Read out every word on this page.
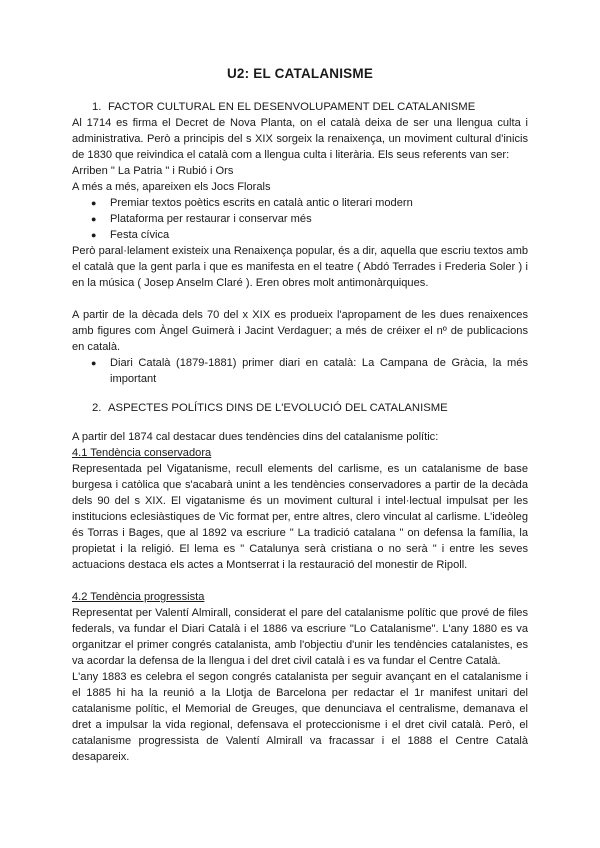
U2: EL CATALANISME
1. FACTOR CULTURAL EN EL DESENVOLUPAMENT DEL CATALANISME

Al 1714 es firma el Decret de Nova Planta, on el català deixa de ser una llengua culta i administrativa. Però a principis del s XIX sorgeix la renaixença, un moviment cultural d'inicis de 1830 que reivindica el català com a llengua culta i literària. Els seus referents van ser:

Arriben " La Patria " i Rubió i Ors

A més a més, apareixen els Jocs Florals

● Premiar textos poètics escrits en català antic o literari modern
● Plataforma per restaurar i conservar més
● Festa cívica

Però paral·lelament existeix una Renaixença popular, és a dir, aquella que escriu textos amb el català que la gent parla i que es manifesta en el teatre ( Abdó Terrades i Frederia Soler ) i en la música ( Josep Anselm Claré ). Eren obres molt antimonàrquiques.

A partir de la dècada dels 70 del x XIX es produeix l'apropament de les dues renaixences amb figures com Àngel Guimerà i Jacint Verdaguer; a més de créixer el nº de publicacions en català.

● Diari Català (1879-1881) primer diari en català: La Campana de Gràcia, la més important
2. ASPECTES POLÍTICS DINS DE L'EVOLUCIÓ DEL CATALANISME

A partir del 1874 cal destacar dues tendències dins del catalanisme polític:

4.1 Tendència conservadora

Representada pel Vigatanisme, recull elements del carlisme, es un catalanisme de base burgesa i catòlica que s'acabarà unint a les tendències conservadores a partir de la decàda dels 90 del s XIX. El vigatanisme és un moviment cultural i intel·lectual impulsat per les institucions eclesiàstiques de Vic format per, entre altres, clero vinculat al carlisme. L'ideòleg és Torras i Bages, que al 1892 va escriure " La tradició catalana " on defensa la família, la propietat i la religió. El lema es " Catalunya serà cristiana o no serà " i entre les seves actuacions destaca els actes a Montserrat i la restauració del monestir de Ripoll.

4.2 Tendència progressista

Representat per Valentí Almirall, considerat el pare del catalanisme polític que prové de files federals, va fundar el Diari Català i el 1886 va escriure "Lo Catalanisme". L'any 1880 es va organitzar el primer congrés catalanista, amb l'objectiu d'unir les tendències catalanistes, es va acordar la defensa de la llengua i del dret civil català i es va fundar el Centre Català.

L'any 1883 es celebra el segon congrés catalanista per seguir avançant en el catalanisme i el 1885 hi ha la reunió a la Llotja de Barcelona per redactar el 1r manifest unitari del catalanisme polític, el Memorial de Greuges, que denunciava el centralisme, demanava el dret a impulsar la vida regional, defensava el proteccionisme i el dret civil català. Però, el catalanisme progressista de Valentí Almirall va fracassar i el 1888 el Centre Català desapareix.
